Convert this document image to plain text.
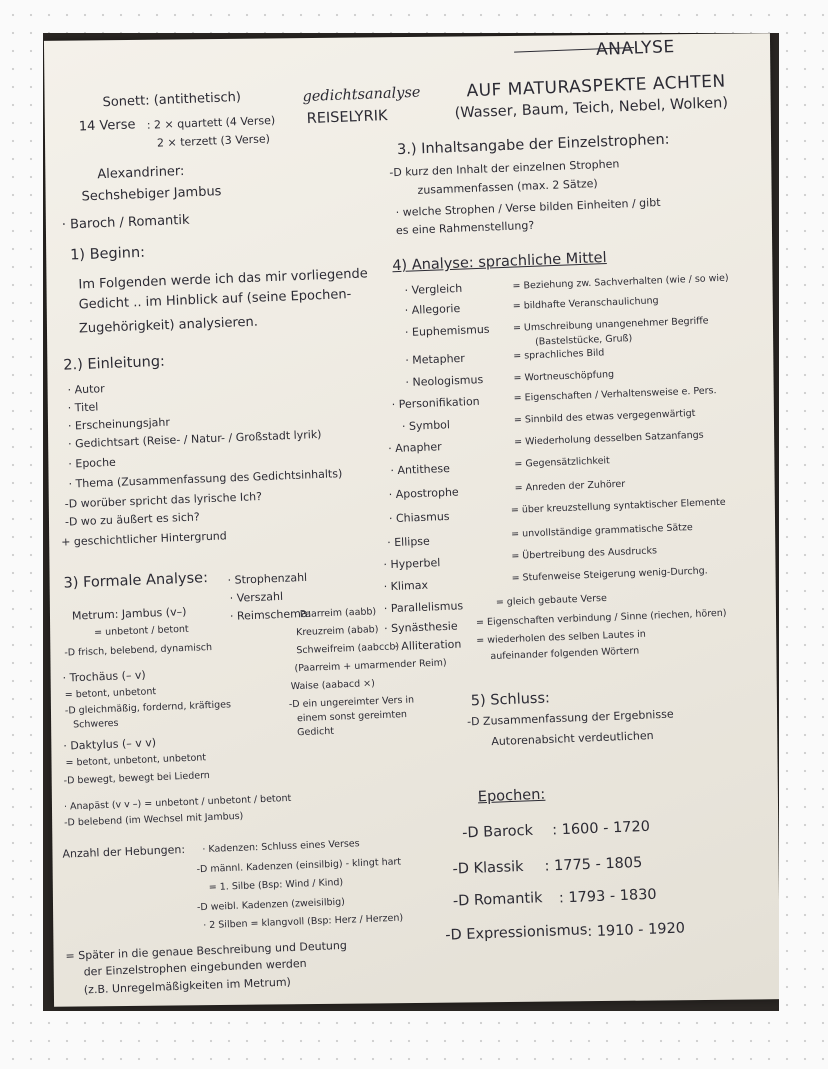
ANALYSE
gedichtsanalyse
REISELYRIK
AUF MATURASPEKTE ACHTEN
(Wasser, Baum, Teich, Nebel, Wolken)
Sonett: (antithetisch)
14 Verse : 2 × quartett (4 Verse)
2 × terzett (3 Verse)
Alexandriner:
Sechshebiger Jambus
· Baroch / Romantik
1) Beginn:
Im Folgenden werde ich das mir vorliegende
Gedicht .. im Hinblick auf (seine Epochen-
Zugehörigkeit) analysieren.
2.) Einleitung:
· Autor
· Titel
· Erscheinungsjahr
· Gedichtsart (Reise- / Natur- / Großstadt lyrik)
· Epoche
· Thema (Zusammenfassung des Gedichtsinhalts)
-D worüber spricht das lyrische Ich?
-D wo zu äußert es sich?
+ geschichtlicher Hintergrund
3) Formale Analyse: · Strophenzahl
· Verszahl
· Reimschema:
Paarreim (aabb)
Kreuzreim (abab)
Schweifreim (aabccb)
(Paarreim + umarmender Reim)
Waise (aabacd ×)
-D ein ungereimter Vers in
einem sonst gereimten
Gedicht
Metrum: Jambus (v–)
= unbetont / betont
-D frisch, belebend, dynamisch
· Trochäus (– v)
= betont, unbetont
-D gleichmäßig, fordernd, kräftiges
Schweres
· Daktylus (– v v)
= betont, unbetont, unbetont
-D bewegt, bewegt bei Liedern
· Anapäst (v v –) = unbetont / unbetont / betont
-D belebend (im Wechsel mit Jambus)
Anzahl der Hebungen: · Kadenzen: Schluss eines Verses
-D männl. Kadenzen (einsilbig) - klingt hart
= 1. Silbe (Bsp: Wind / Kind)
-D weibl. Kadenzen (zweisilbig)
· 2 Silben = klangvoll (Bsp: Herz / Herzen)
= Später in die genaue Beschreibung und Deutung
der Einzelstrophen eingebunden werden
(z.B. Unregelmäßigkeiten im Metrum)
3.) Inhaltsangabe der Einzelstrophen:
-D kurz den Inhalt der einzelnen Strophen
zusammenfassen (max. 2 Sätze)
· welche Strophen / Verse bilden Einheiten / gibt
es eine Rahmenstellung?
4) Analyse: sprachliche Mittel
· Vergleich	= Beziehung zw. Sachverhalten (wie / so wie)
· Allegorie	= bildhafte Veranschaulichung
· Euphemismus = Umschreibung unangenehmer Begriffe
(Bastelstücke, Gruß)
· Metapher	= sprachliches Bild
· Neologismus	= Wortneuschöpfung
· Personifikation	= Eigenschaften / Verhaltensweise e. Pers.
· Symbol	= Sinnbild des etwas vergegenwärtigt
· Anapher	= Wiederholung desselben Satzanfangs
· Antithese	= Gegensätzlichkeit
· Apostrophe	= Anreden der Zuhörer
· Chiasmus
= über kreuzstellung syntaktischer Elemente
· Ellipse
= unvollständige grammatische Sätze
· Hyperbel
= Übertreibung des Ausdrucks
· Klimax
= Stufenweise Steigerung wenig-Durchg.
· Parallelismus	= gleich gebaute Verse
· Synästhesie = Eigenschaften verbindung / Sinne (riechen, hören)
· Alliteration = wiederholen des selben Lautes in
aufeinander folgenden Wörtern
5) Schluss:
-D Zusammenfassung der Ergebnisse
Autorenabsicht verdeutlichen
Epochen:
-D Barock : 1600 - 1720
-D Klassik : 1775 - 1805
-D Romantik : 1793 - 1830
-D Expressionismus : 1910 - 1920
